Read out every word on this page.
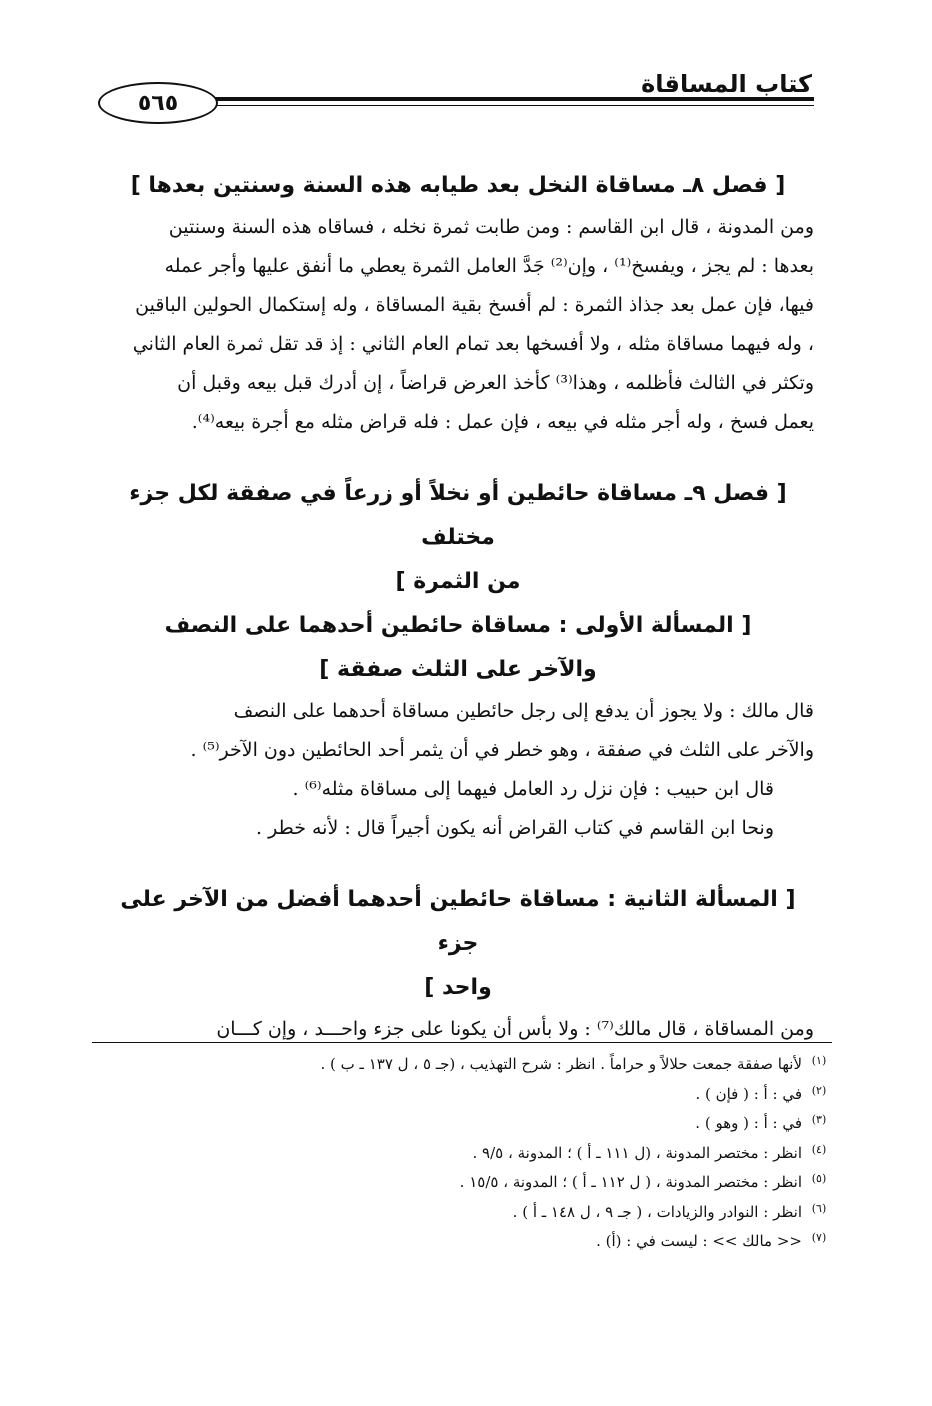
كتاب المساقاة
٥٦٥

[ فصل ٨ـ مساقاة النخل بعد طيابه هذه السنة وسنتين بعدها ]

ومن المدونة ، قال ابن القاسم : ومن طابت ثمرة نخله ، فساقاه هذه السنة وسنتين

بعدها : لم يجز ، ويفسخ⁽¹⁾ ، وإن⁽²⁾ جَدَّ العامل الثمرة يعطي ما أنفق عليها وأجر عمله

فيها، فإن عمل بعد جذاذ الثمرة : لم أفسخ بقية المساقاة ، وله إستكمال الحولين الباقين

، وله فيهما مساقاة مثله ، ولا أفسخها بعد تمام العام الثاني : إذ قد تقل ثمرة العام الثاني

وتكثر في الثالث فأظلمه ، وهذا⁽³⁾ كأخذ العرض قراضاً ، إن أدرك قبل بيعه وقبل أن

يعمل فسخ ، وله أجر مثله في بيعه ، فإن عمل : فله قراض مثله مع أجرة بيعه⁽⁴⁾.

[ فصل ٩ـ مساقاة حائطين أو نخلاً أو زرعاً في صفقة لكل جزء مختلف

من الثمرة ]

[ المسألة الأولى : مساقاة حائطين أحدهما على النصف

والآخر على الثلث صفقة ]

قال مالك : ولا يجوز أن يدفع إلى رجل حائطين مساقاة أحدهما على النصف

والآخر على الثلث في صفقة ، وهو خطر في أن يثمر أحد الحائطين دون الآخر⁽⁵⁾ .

قال ابن حبيب : فإن نزل رد العامل فيهما إلى مساقاة مثله⁽⁶⁾ .

ونحا ابن القاسم في كتاب القراض أنه يكون أجيراً قال : لأنه خطر .

[ المسألة الثانية : مساقاة حائطين أحدهما أفضل من الآخر على جزء

واحد ]

ومن المساقاة ، قال مالك⁽⁷⁾ : ولا بأس أن يكونا على جزء واحـــد ، وإن كـــان

(١)
لأنها صفقة جمعت حلالاً و حراماً . انظر : شرح التهذيب ، (جـ ٥ ، ل ١٣٧ ـ ب ) .
(٢)
في : أ : ( فإن ) .
(٣)
في : أ : ( وهو ) .
(٤)
انظر : مختصر المدونة ، (ل ١١١ ـ أ ) ؛ المدونة ، ٩/٥ .
(٥)
انظر : مختصر المدونة ، ( ل ١١٢ ـ أ ) ؛ المدونة ، ١٥/٥ .
(٦)
انظر : النوادر والزيادات ، ( جـ ٩ ، ل ١٤٨ ـ أ ) .
(٧)
<< مالك >> : ليست في : (أ) .
